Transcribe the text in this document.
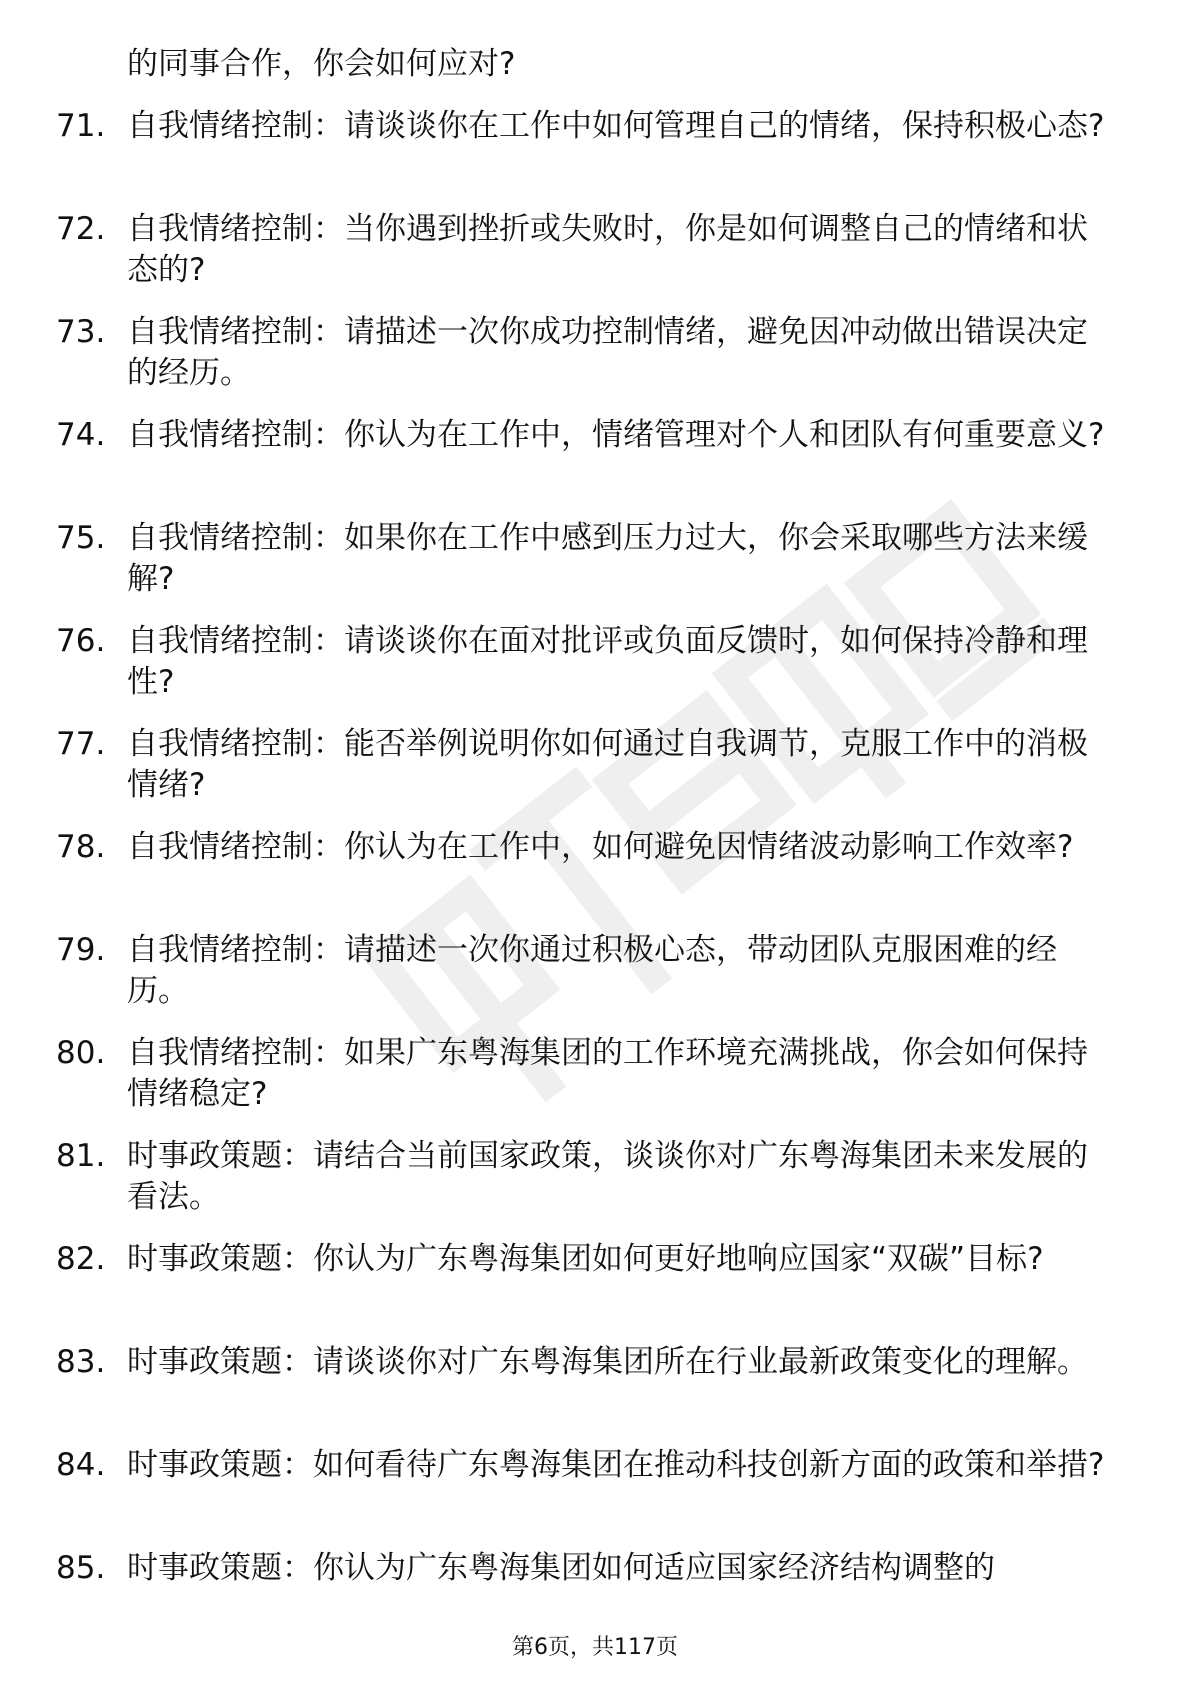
的同事合作，你会如何应对?
71. 自我情绪控制：请谈谈你在工作中如何管理自己的情绪，保持积极心态?
72. 自我情绪控制：当你遇到挫折或失败时，你是如何调整自己的情绪和状态的?
73. 自我情绪控制：请描述一次你成功控制情绪，避免因冲动做出错误决定的经历。
74. 自我情绪控制：你认为在工作中，情绪管理对个人和团队有何重要意义?
75. 自我情绪控制：如果你在工作中感到压力过大，你会采取哪些方法来缓解?
76. 自我情绪控制：请谈谈你在面对批评或负面反馈时，如何保持冷静和理性?
77. 自我情绪控制：能否举例说明你如何通过自我调节，克服工作中的消极情绪?
78. 自我情绪控制：你认为在工作中，如何避免因情绪波动影响工作效率?
79. 自我情绪控制：请描述一次你通过积极心态，带动团队克服困难的经历。
80. 自我情绪控制：如果广东粤海集团的工作环境充满挑战，你会如何保持情绪稳定?
81. 时事政策题：请结合当前国家政策，谈谈你对广东粤海集团未来发展的看法。
82. 时事政策题：你认为广东粤海集团如何更好地响应国家“双碳”目标?
83. 时事政策题：请谈谈你对广东粤海集团所在行业最新政策变化的理解。
84. 时事政策题：如何看待广东粤海集团在推动科技创新方面的政策和举措?
85. 时事政策题：你认为广东粤海集团如何适应国家经济结构调整的
第6页，共117页
